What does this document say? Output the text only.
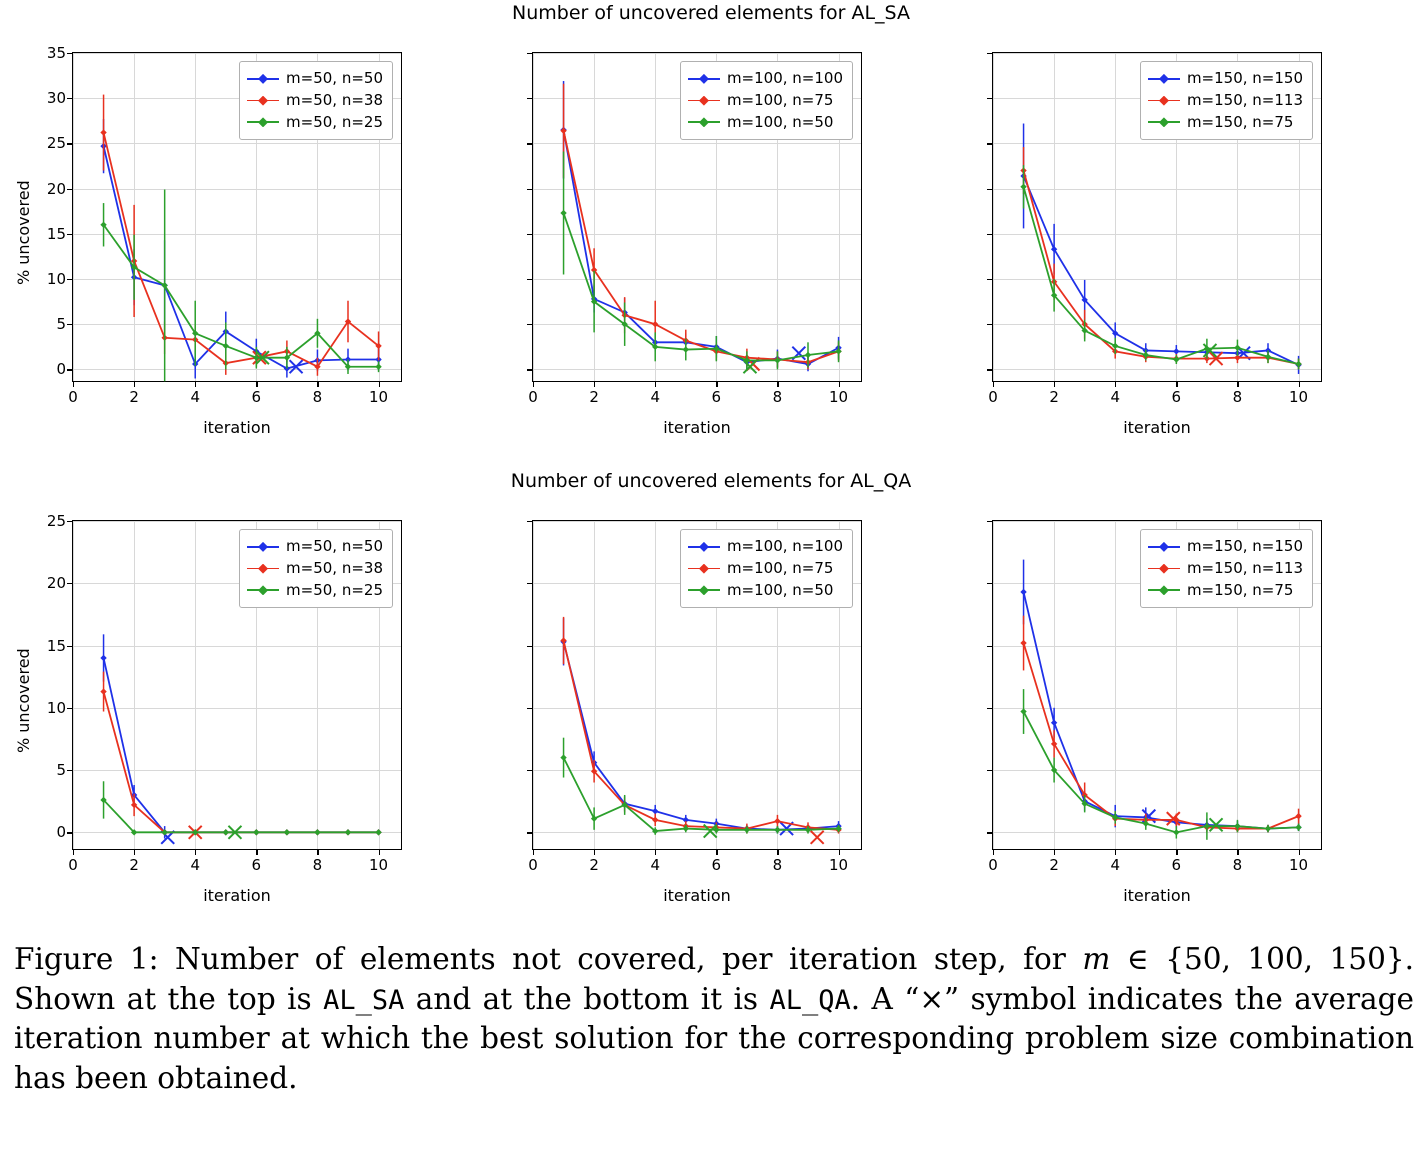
Number of uncovered elements for AL_SA
0
5
10
15
20
25
30
35
0	2	4	6	8	10
m=50, n=50
m=50, n=38
m=50, n=25
iteration
% uncovered
0	2	4	6	8	10
m=100, n=100
m=100, n=75
m=100, n=50
iteration
0	2	4	6	8	10
m=150, n=150
m=150, n=113
m=150, n=75
iteration
Number of uncovered elements for AL_QA
0
5
10
15
20
25
0	2	4	6	8	10
m=50, n=50
m=50, n=38
m=50, n=25
iteration
% uncovered
0	2	4	6	8	10
m=100, n=100
m=100, n=75
m=100, n=50
iteration
0	2	4	6	8	10
m=150, n=150
m=150, n=113
m=150, n=75
iteration
Figure 1: Number of elements not covered, per iteration step, for m ∈ {50, 100, 150}. Shown at the top is AL_SA and at the bottom it is AL_QA. A “×” symbol indicates the average iteration number at which the best solution for the corresponding problem size combination has been obtained.
